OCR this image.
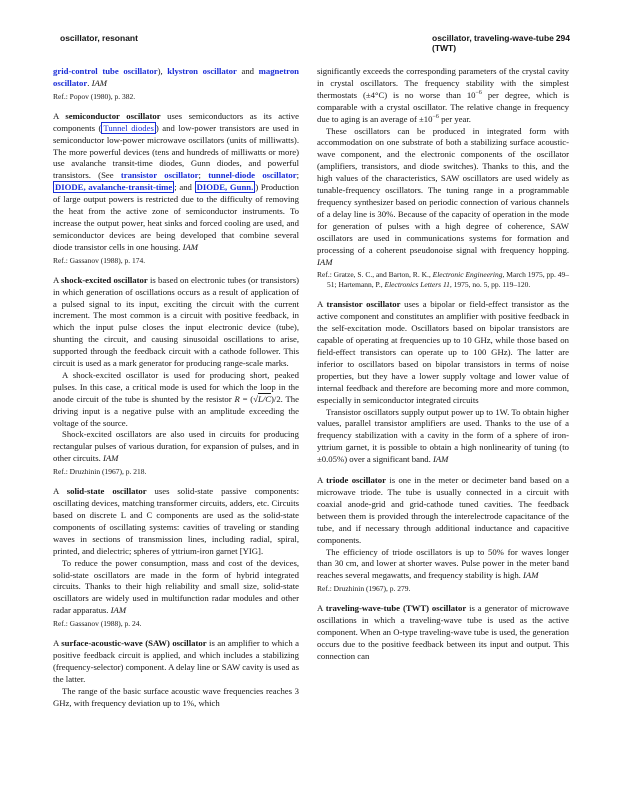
oscillator, resonant	oscillator, traveling-wave-tube (TWT)
294

grid-control tube oscillator), klystron oscillator and magnetron oscillator. IAM

Ref.: Popov (1980), p. 382.

A semiconductor oscillator uses semiconductors as its active components ( Tunnel diodes ) and low-power transistors are used in semiconductor low-power microwave oscillators (units of milliwatts). The more powerful devices (tens and hundreds of milliwatts or more) use avalanche transit-time diodes, Gunn diodes, and powerful transistors. (See transistor oscillator; tunnel-diode oscillator; DIODE, avalanche-transit-time ; and DIODE, Gunn. ) Production of large output powers is restricted due to the difficulty of removing the heat from the active zone of semiconductor instruments. To increase the output power, heat sinks and forced cooling are used, and semiconductor devices are being developed that combine several diode transistor cells in one housing. IAM

Ref.: Gassanov (1988), p. 174.

A shock-excited oscillator is based on electronic tubes (or transistors) in which generation of oscillations occurs as a result of application of a pulsed signal to its input, exciting the circuit with the current increment. The most common is a circuit with positive feedback, in which the input pulse closes the input electronic device (tube), shunting the circuit, and causing sinusoidal oscillations to arise, supported through the feedback circuit with a cathode follower. This circuit is used as a mark generator for producing range-scale marks.

A shock-excited oscillator is used for producing short, peaked pulses. In this case, a critical mode is used for which the loop in the anode circuit of the tube is shunted by the resistor R = (√L/C)/2. The driving input is a negative pulse with an amplitude exceeding the voltage of the source.

Shock-excited oscillators are also used in circuits for producing rectangular pulses of various duration, for expansion of pulses, and in other circuits. IAM

Ref.: Druzhinin (1967), p. 218.

A solid-state oscillator uses solid-state passive components: oscillating devices, matching transformer circuits, adders, etc. Circuits based on discrete L and C components are used as the solid-state components of oscillating systems: cavities of traveling or standing waves in sections of transmission lines, including radial, spiral, printed, and dielectric; spheres of yttrium-iron garnet [YIG].

To reduce the power consumption, mass and cost of the devices, solid-state oscillators are made in the form of hybrid integrated circuits. Thanks to their high reliability and small size, solid-state oscillators are widely used in multifunction radar modules and other radar apparatus. IAM

Ref.: Gassanov (1988), p. 24.

A surface-acoustic-wave (SAW) oscillator is an amplifier to which a positive feedback circuit is applied, and which includes a stabilizing (frequency-selector) component. A delay line or SAW cavity is used as the latter.

The range of the basic surface acoustic wave frequencies reaches 3 GHz, with frequency deviation up to 1%, which

significantly exceeds the corresponding parameters of the crystal cavity in crystal oscillators. The frequency stability with the simplest thermostats (±4°C) is no worse than $10^{-6}$ per degree, which is comparable with a crystal oscillator. The relative change in frequency due to aging is an average of $\pm 10^{-6}$ per year.

These oscillators can be produced in integrated form with accommodation on one substrate of both a stabilizing surface acoustic-wave component, and the electronic components of the oscillator (amplifiers, transistors, and diode switches). Thanks to this, and the high values of the characteristics, SAW oscillators are used widely as tunable-frequency oscillators. The tuning range in a programmable frequency synthesizer based on periodic connection of various channels of a delay line is 30%. Because of the capacity of operation in the mode for generation of pulses with a high degree of coherence, SAW oscillators are used in communications systems for formation and processing of a coherent pseudonoise signal with frequency hopping. IAM

Ref.: Gratze, S. C., and Barton, R. K., Electronic Engineering, March 1975, pp. 49–51; Hartemann, P., Electronics Letters 11, 1975, no. 5, pp. 119–120.

A transistor oscillator uses a bipolar or field-effect transistor as the active component and constitutes an amplifier with positive feedback in the self-excitation mode. Oscillators based on bipolar transistors are capable of operating at frequencies up to 10 GHz, while those based on field-effect transistors can operate up to 100 GHz). The latter are inferior to oscillators based on bipolar transistors in terms of noise properties, but they have a lower supply voltage and lower value of internal feedback and therefore are becoming more and more common, especially in semiconductor integrated circuits

Transistor oscillators supply output power up to 1W. To obtain higher values, parallel transistor amplifiers are used. Thanks to the use of a frequency stabilization with a cavity in the form of a sphere of iron-yttrium garnet, it is possible to obtain a high nonlinearity of tuning (to ±0.05%) over a significant band. IAM

A triode oscillator is one in the meter or decimeter band based on a microwave triode. The tube is usually connected in a circuit with coaxial anode-grid and grid-cathode tuned cavities. The feedback between them is provided through the interelectrode capacitance of the tube, and if necessary through additional inductance and capacitive components.

The efficiency of triode oscillators is up to 50% for waves longer than 30 cm, and lower at shorter waves. Pulse power in the meter band reaches several megawatts, and frequency stability is high. IAM

Ref.: Druzhinin (1967), p. 279.

A traveling-wave-tube (TWT) oscillator is a generator of microwave oscillations in which a traveling-wave tube is used as the active component. When an O-type traveling-wave tube is used, the generation occurs due to the positive feedback between its input and output. This connection can
